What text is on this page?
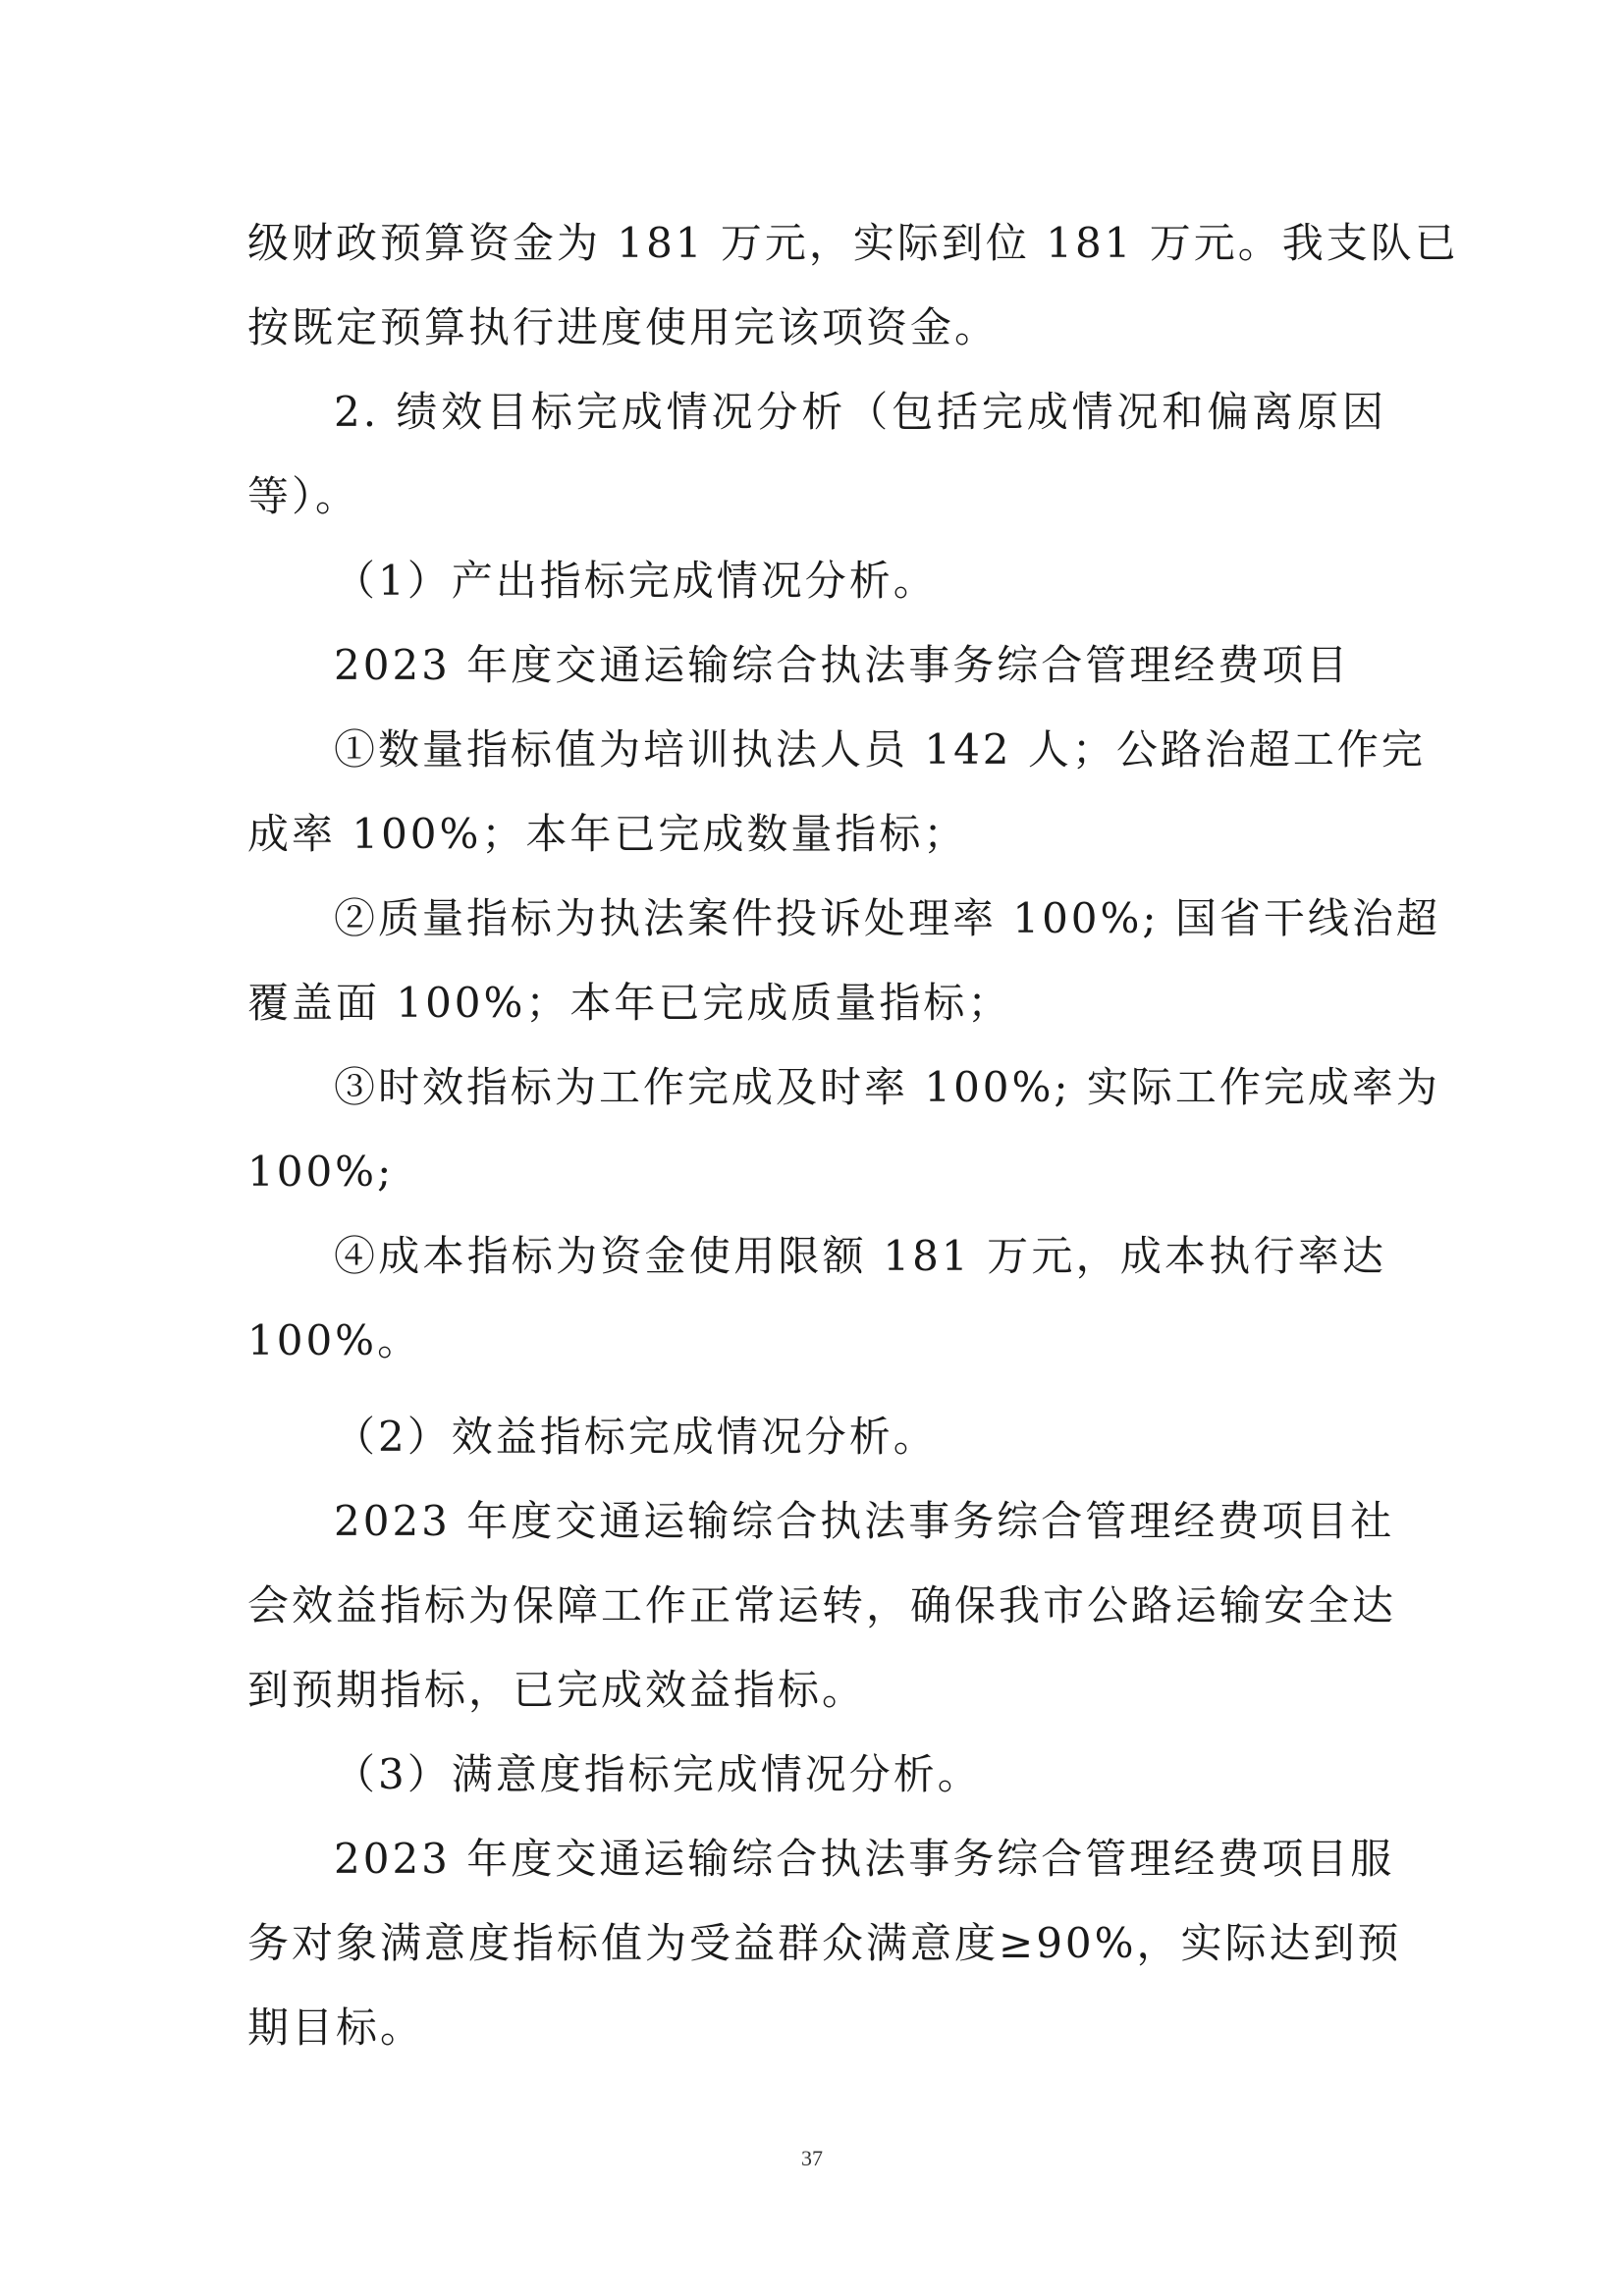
级财政预算资金为 181 万元，实际到位 181 万元。我支队已
按既定预算执行进度使用完该项资金。
2. 绩效目标完成情况分析（包括完成情况和偏离原因
等）。
（1）产出指标完成情况分析。
2023 年度交通运输综合执法事务综合管理经费项目
①数量指标值为培训执法人员 142 人；公路治超工作完
成率 100%；本年已完成数量指标；
②质量指标为执法案件投诉处理率 100%; 国省干线治超
覆盖面 100%；本年已完成质量指标；
③时效指标为工作完成及时率 100%; 实际工作完成率为
100%;
④成本指标为资金使用限额 181 万元，成本执行率达
100%。
（2）效益指标完成情况分析。
2023 年度交通运输综合执法事务综合管理经费项目社
会效益指标为保障工作正常运转，确保我市公路运输安全达
到预期指标，已完成效益指标。
（3）满意度指标完成情况分析。
2023 年度交通运输综合执法事务综合管理经费项目服
务对象满意度指标值为受益群众满意度≥90%，实际达到预
期目标。
37
